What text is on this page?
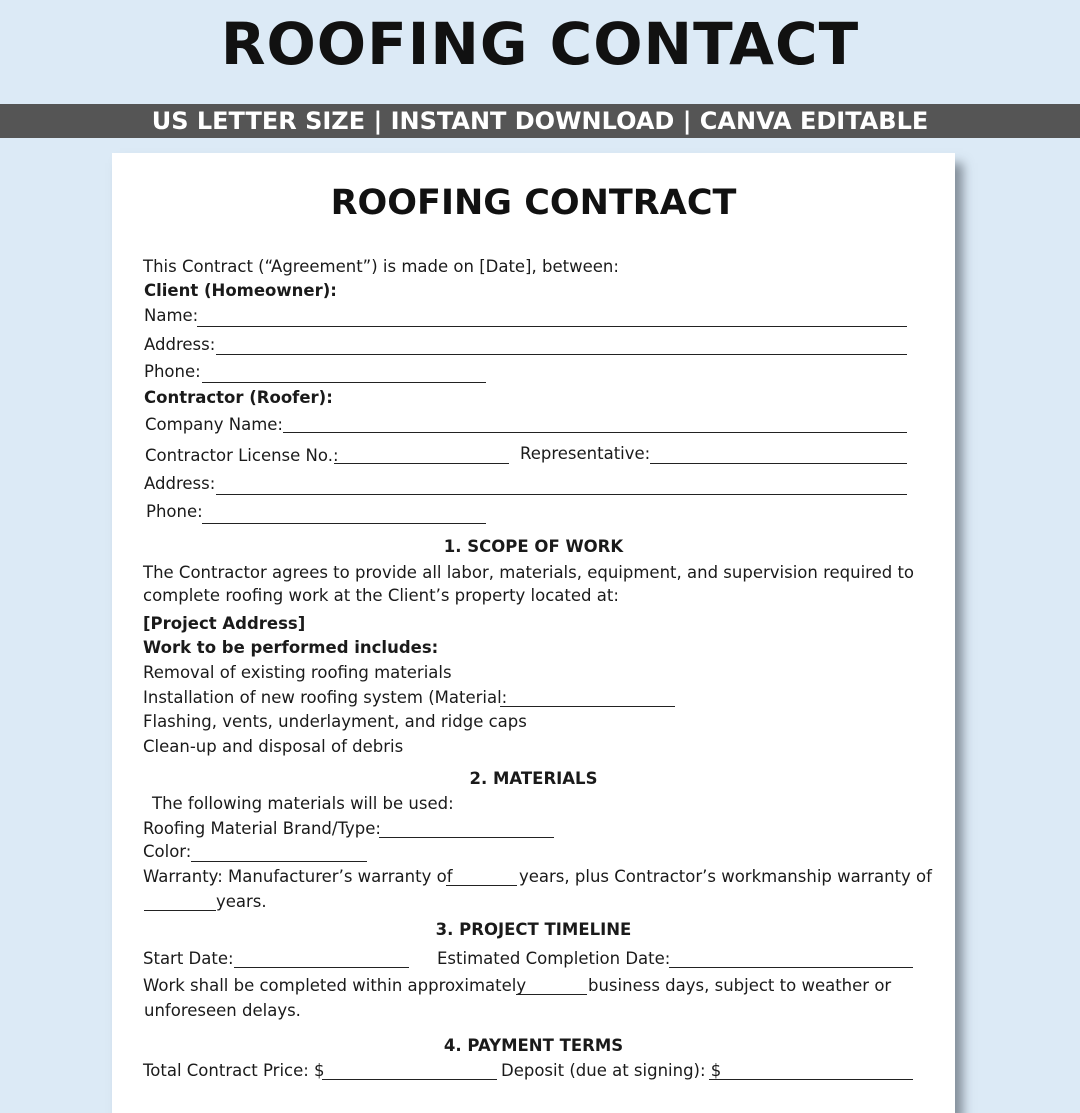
ROOFING CONTACT
US LETTER SIZE | INSTANT DOWNLOAD | CANVA EDITABLE
ROOFING CONTRACT
This Contract (“Agreement”) is made on [Date], between:
Client (Homeowner):
Name:
Address:
Phone:
Contractor (Roofer):
Company Name:
Contractor License No.:	Representative:
Address:
Phone:
1. SCOPE OF WORK
The Contractor agrees to provide all labor, materials, equipment, and supervision required to
complete roofing work at the Client’s property located at:
[Project Address]
Work to be performed includes:
Removal of existing roofing materials
Installation of new roofing system (Material:
Flashing, vents, underlayment, and ridge caps
Clean-up and disposal of debris
2. MATERIALS
The following materials will be used:
Roofing Material Brand/Type:
Color:
Warranty: Manufacturer’s warranty of	years, plus Contractor’s workmanship warranty of
years.
3. PROJECT TIMELINE
Start Date:	Estimated Completion Date:
Work shall be completed within approximately	business days, subject to weather or
unforeseen delays.
4. PAYMENT TERMS
Total Contract Price: $	Deposit (due at signing): $
